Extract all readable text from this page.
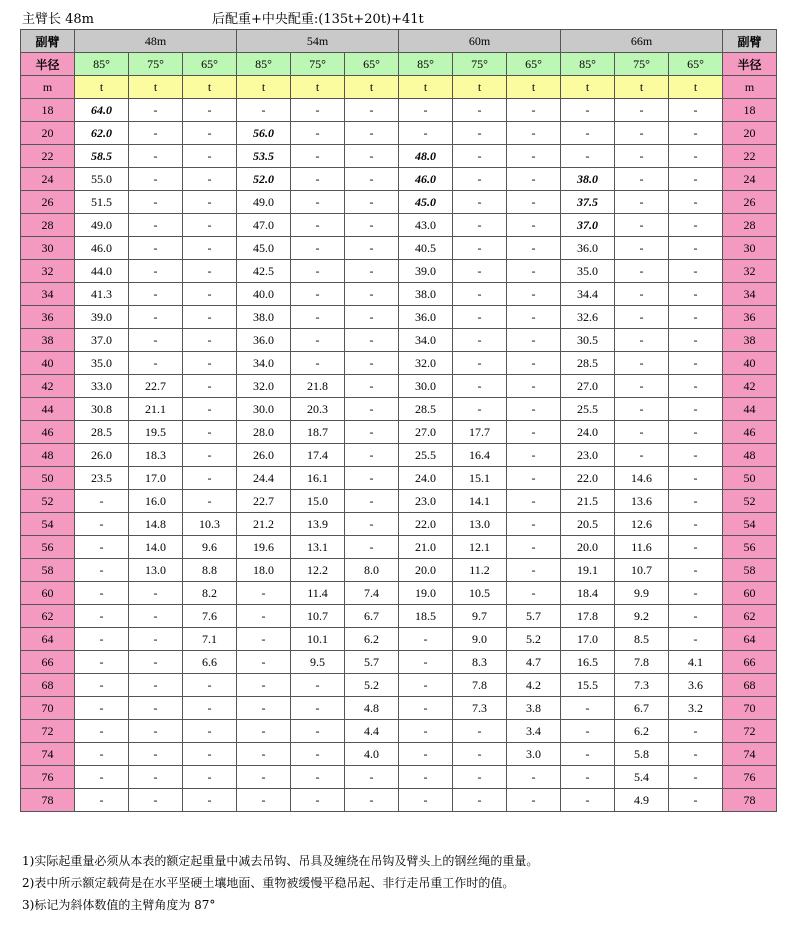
主臂长 48m	后配重+中央配重:(135t+20t)+41t
副臂	48m			54m			60m			66m			副臂
半径	85°	75°	65°	85°	75°	65°	85°	75°	65°	85°	75°	65°	半径
m	t	t	t	t	t	t	t	t	t	t	t	t	m
18	64.0	-	-	-	-	-	-	-	-	-	-	-	18
20	62.0	-	-	56.0	-	-	-	-	-	-	-	-	20
22	58.5	-	-	53.5	-	-	48.0	-	-	-	-	-	22
24	55.0	-	-	52.0	-	-	46.0	-	-	38.0	-	-	24
26	51.5	-	-	49.0	-	-	45.0	-	-	37.5	-	-	26
28	49.0	-	-	47.0	-	-	43.0	-	-	37.0	-	-	28
30	46.0	-	-	45.0	-	-	40.5	-	-	36.0	-	-	30
32	44.0	-	-	42.5	-	-	39.0	-	-	35.0	-	-	32
34	41.3	-	-	40.0	-	-	38.0	-	-	34.4	-	-	34
36	39.0	-	-	38.0	-	-	36.0	-	-	32.6	-	-	36
38	37.0	-	-	36.0	-	-	34.0	-	-	30.5	-	-	38
40	35.0	-	-	34.0	-	-	32.0	-	-	28.5	-	-	40
42	33.0	22.7	-	32.0	21.8	-	30.0	-	-	27.0	-	-	42
44	30.8	21.1	-	30.0	20.3	-	28.5	-	-	25.5	-	-	44
46	28.5	19.5	-	28.0	18.7	-	27.0	17.7	-	24.0	-	-	46
48	26.0	18.3	-	26.0	17.4	-	25.5	16.4	-	23.0	-	-	48
50	23.5	17.0	-	24.4	16.1	-	24.0	15.1	-	22.0	14.6	-	50
52	-	16.0	-	22.7	15.0	-	23.0	14.1	-	21.5	13.6	-	52
54	-	14.8	10.3	21.2	13.9	-	22.0	13.0	-	20.5	12.6	-	54
56	-	14.0	9.6	19.6	13.1	-	21.0	12.1	-	20.0	11.6	-	56
58	-	13.0	8.8	18.0	12.2	8.0	20.0	11.2	-	19.1	10.7	-	58
60	-	-	8.2	-	11.4	7.4	19.0	10.5	-	18.4	9.9	-	60
62	-	-	7.6	-	10.7	6.7	18.5	9.7	5.7	17.8	9.2	-	62
64	-	-	7.1	-	10.1	6.2	-	9.0	5.2	17.0	8.5	-	64
66	-	-	6.6	-	9.5	5.7	-	8.3	4.7	16.5	7.8	4.1	66
68	-	-	-	-	-	5.2	-	7.8	4.2	15.5	7.3	3.6	68
70	-	-	-	-	-	4.8	-	7.3	3.8	-	6.7	3.2	70
72	-	-	-	-	-	4.4	-	-	3.4	-	6.2	-	72
74	-	-	-	-	-	4.0	-	-	3.0	-	5.8	-	74
76	-	-	-	-	-	-	-	-	-	-	5.4	-	76
78	-	-	-	-	-	-	-	-	-	-	4.9	-	78
1)实际起重量必须从本表的额定起重量中减去吊钩、吊具及缠绕在吊钩及臂头上的钢丝绳的重量。
2)表中所示额定载荷是在水平坚硬土壤地面、重物被缓慢平稳吊起、非行走吊重工作时的值。
3)标记为斜体数值的主臂角度为 87°
